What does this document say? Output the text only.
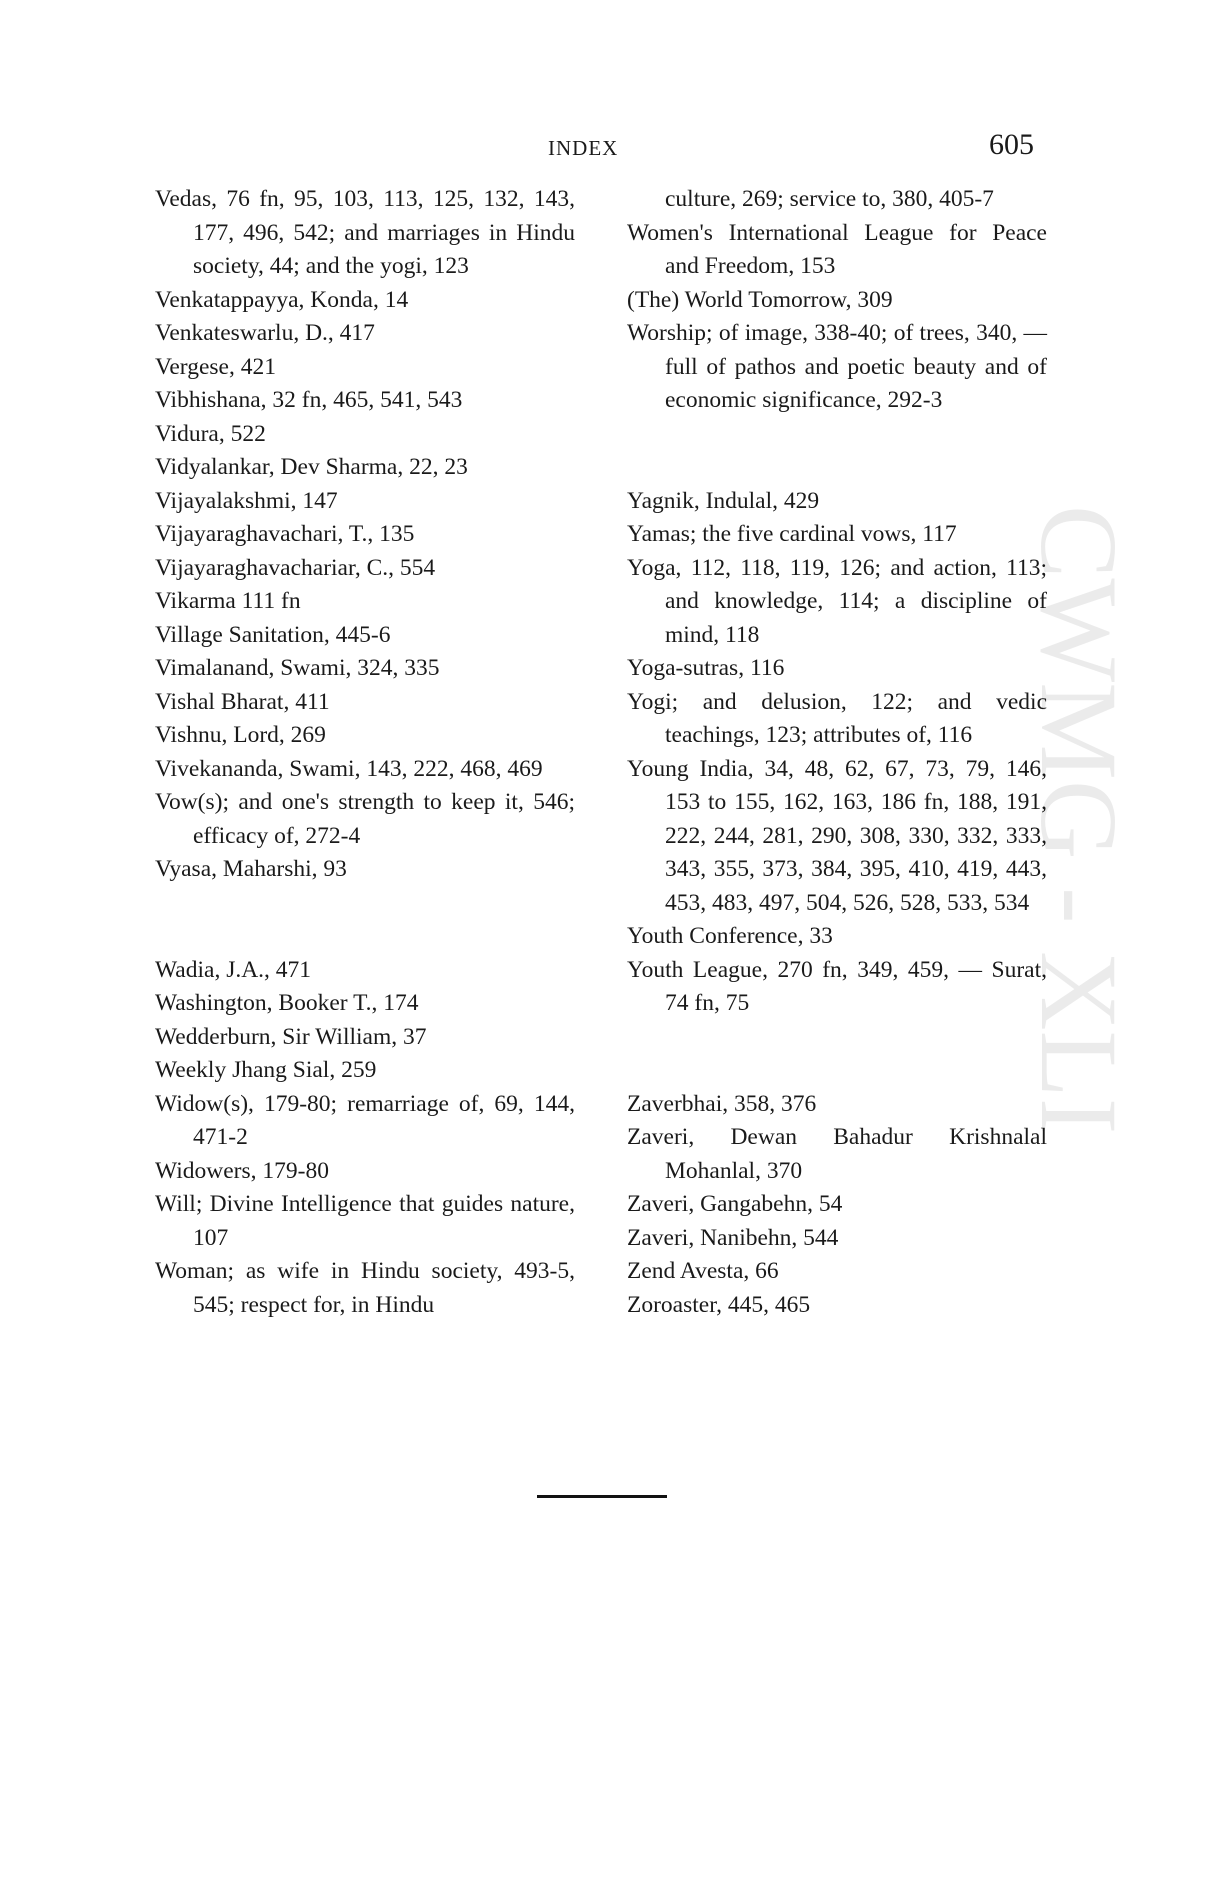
INDEX	605
Vedas, 76 fn, 95, 103, 113, 125, 132, 143, 177, 496, 542; and marriages in Hindu society, 44; and the yogi, 123
Venkatappayya, Konda, 14
Venkateswarlu, D., 417
Vergese, 421
Vibhishana, 32 fn, 465, 541, 543
Vidura, 522
Vidyalankar, Dev Sharma, 22, 23
Vijayalakshmi, 147
Vijayaraghavachari, T., 135
Vijayaraghavachariar, C., 554
Vikarma 111 fn
Village Sanitation, 445-6
Vimalanand, Swami, 324, 335
Vishal Bharat, 411
Vishnu, Lord, 269
Vivekananda, Swami, 143, 222, 468, 469
Vow(s); and one's strength to keep it, 546; efficacy of, 272-4
Vyasa, Maharshi, 93
Wadia, J.A., 471
Washington, Booker T., 174
Wedderburn, Sir William, 37
Weekly Jhang Sial, 259
Widow(s), 179-80; remarriage of, 69, 144, 471-2
Widowers, 179-80
Will; Divine Intelligence that guides nature, 107
Woman; as wife in Hindu society, 493-5, 545; respect for, in Hindu
culture, 269; service to, 380, 405-7
Women's International League for Peace and Freedom, 153
(The) World Tomorrow, 309
Worship; of image, 338-40; of trees, 340, —full of pathos and poetic beauty and of economic significance, 292-3
Yagnik, Indulal, 429
Yamas; the five cardinal vows, 117
Yoga, 112, 118, 119, 126; and action, 113; and knowledge, 114; a discipline of mind, 118
Yoga-sutras, 116
Yogi; and delusion, 122; and vedic teachings, 123; attributes of, 116
Young India, 34, 48, 62, 67, 73, 79, 146, 153 to 155, 162, 163, 186 fn, 188, 191, 222, 244, 281, 290, 308, 330, 332, 333, 343, 355, 373, 384, 395, 410, 419, 443, 453, 483, 497, 504, 526, 528, 533, 534
Youth Conference, 33
Youth League, 270 fn, 349, 459, — Surat, 74 fn, 75
Zaverbhai, 358, 376
Zaveri, Dewan Bahadur Krishnalal Mohanlal, 370
Zaveri, Gangabehn, 54
Zaveri, Nanibehn, 544
Zend Avesta, 66
Zoroaster, 445, 465
CWMG - XLI
